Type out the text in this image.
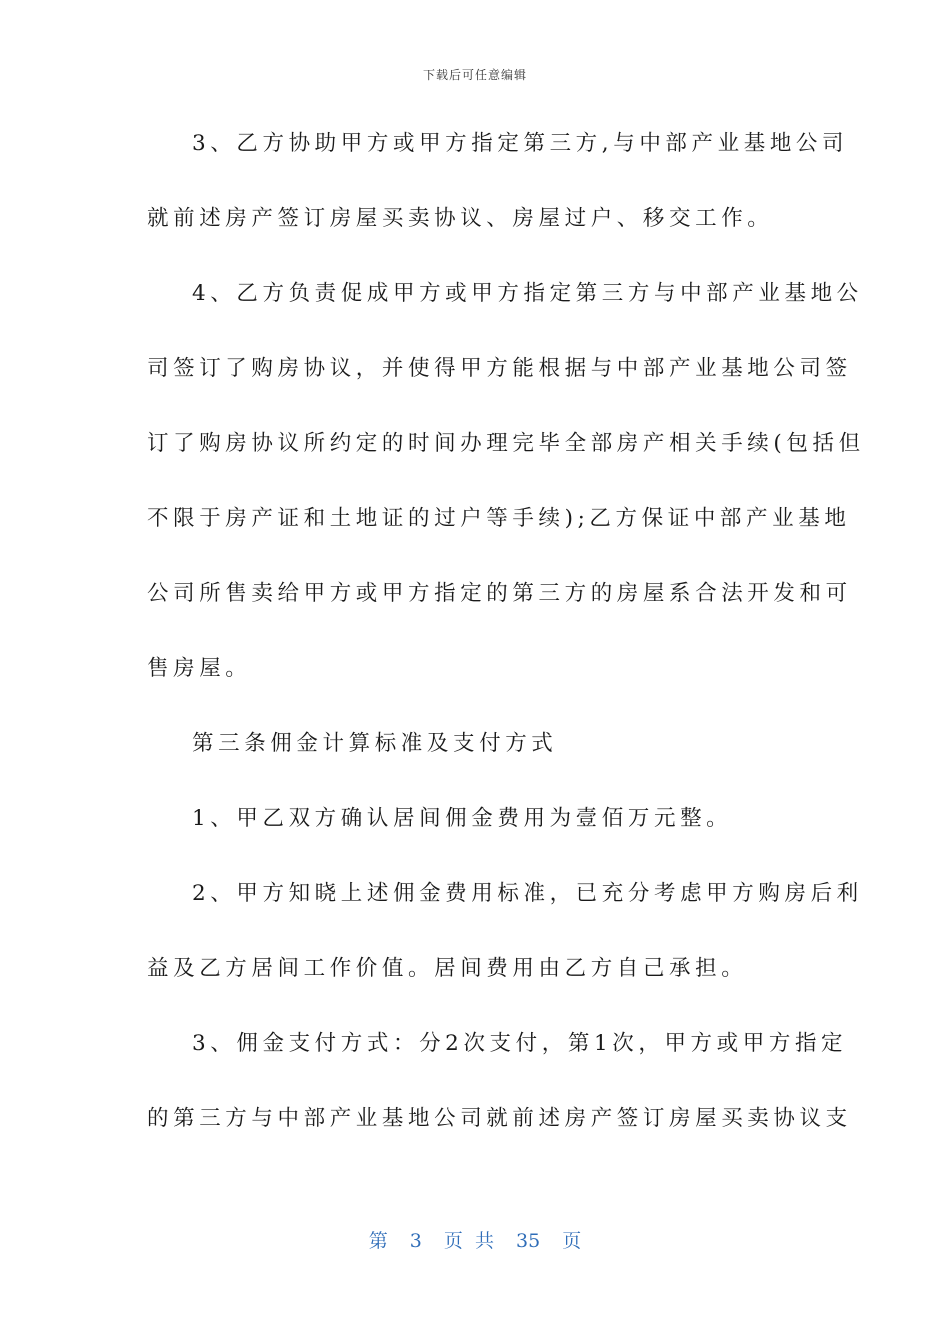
下载后可任意编辑
3、乙方协助甲方或甲方指定第三方,与中部产业基地公司
就前述房产签订房屋买卖协议、房屋过户、移交工作。
4、乙方负责促成甲方或甲方指定第三方与中部产业基地公
司签订了购房协议，并使得甲方能根据与中部产业基地公司签
订了购房协议所约定的时间办理完毕全部房产相关手续(包括但
不限于房产证和土地证的过户等手续);乙方保证中部产业基地
公司所售卖给甲方或甲方指定的第三方的房屋系合法开发和可
售房屋。
第三条佣金计算标准及支付方式
1、甲乙双方确认居间佣金费用为壹佰万元整。
2、甲方知晓上述佣金费用标准，已充分考虑甲方购房后利
益及乙方居间工作价值。居间费用由乙方自己承担。
3、佣金支付方式：分2次支付，第1次，甲方或甲方指定
的第三方与中部产业基地公司就前述房产签订房屋买卖协议支
第 3 页 共 35 页
